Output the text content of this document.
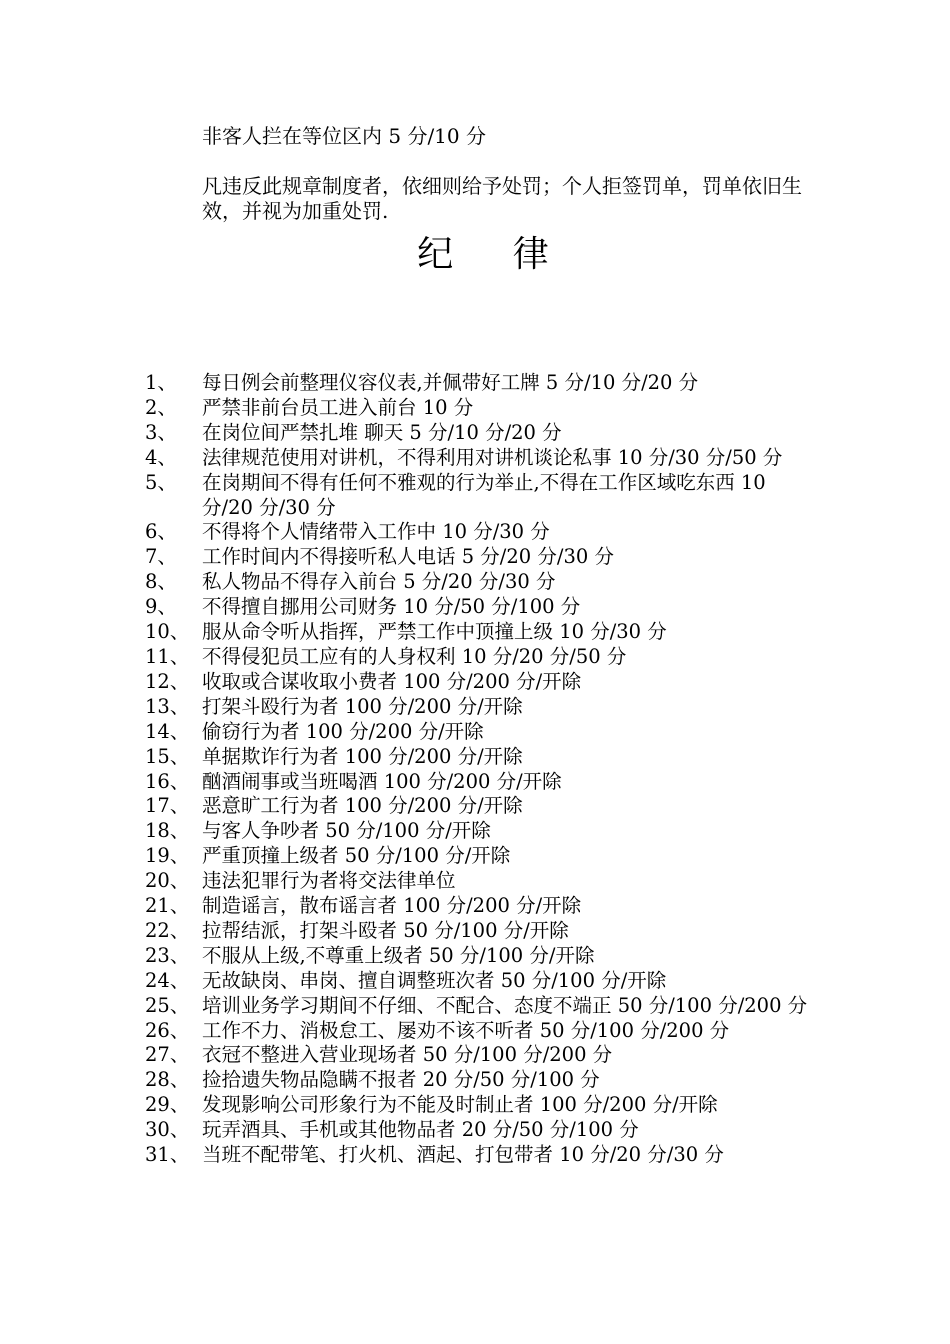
非客人拦在等位区内 5 分/10 分

凡违反此规章制度者，依细则给予处罚；个人拒签罚单，罚单依旧生效，并视为加重处罚.

纪 律
1、 每日例会前整理仪容仪表,并佩带好工牌 5 分/10 分/20 分
2、 严禁非前台员工进入前台 10 分
3、 在岗位间严禁扎堆 聊天 5 分/10 分/20 分
4、 法律规范使用对讲机，不得利用对讲机谈论私事 10 分/30 分/50 分
5、 在岗期间不得有任何不雅观的行为举止,不得在工作区域吃东西 10 分/20 分/30 分
6、 不得将个人情绪带入工作中 10 分/30 分
7、 工作时间内不得接听私人电话 5 分/20 分/30 分
8、 私人物品不得存入前台 5 分/20 分/30 分
9、 不得擅自挪用公司财务 10 分/50 分/100 分
10、 服从命令听从指挥，严禁工作中顶撞上级 10 分/30 分
11、 不得侵犯员工应有的人身权利 10 分/20 分/50 分
12、 收取或合谋收取小费者 100 分/200 分/开除
13、 打架斗殴行为者 100 分/200 分/开除
14、 偷窃行为者 100 分/200 分/开除
15、 单据欺诈行为者 100 分/200 分/开除
16、 酗酒闹事或当班喝酒 100 分/200 分/开除
17、 恶意旷工行为者 100 分/200 分/开除
18、 与客人争吵者 50 分/100 分/开除
19、 严重顶撞上级者 50 分/100 分/开除
20、 违法犯罪行为者将交法律单位
21、 制造谣言，散布谣言者 100 分/200 分/开除
22、 拉帮结派，打架斗殴者 50 分/100 分/开除
23、 不服从上级,不尊重上级者 50 分/100 分/开除
24、 无故缺岗、串岗、擅自调整班次者 50 分/100 分/开除
25、 培训业务学习期间不仔细、不配合、态度不端正 50 分/100 分/200 分
26、 工作不力、消极怠工、屡劝不该不听者 50 分/100 分/200 分
27、 衣冠不整进入营业现场者 50 分/100 分/200 分
28、 捡拾遗失物品隐瞒不报者 20 分/50 分/100 分
29、 发现影响公司形象行为不能及时制止者 100 分/200 分/开除
30、 玩弄酒具、手机或其他物品者 20 分/50 分/100 分
31、 当班不配带笔、打火机、酒起、打包带者 10 分/20 分/30 分
